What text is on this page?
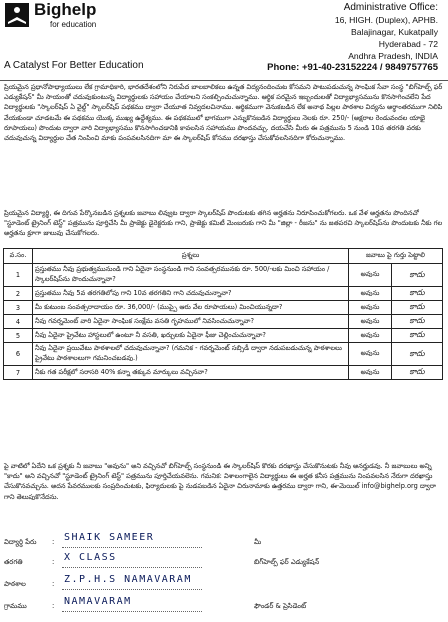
Bighelp
for education
A Catalyst For Better Education
Administrative Office:
16, HIGH. (Duplex), APHB.
Balajinagar, Kukatpally
Hyderabad - 72
Andhra Pradesh, INDIA
Phone: +91-40-23152224 / 9849757765
ప్రియమైన ప్రధానోపాధ్యాయులు లేక గ్రామాధికారి, భారతదేశంలోని నిరుపేద బాలబాలికలు ఉన్నత విద్యనందించుట కోసమని పాటుపడుచున్న సాంఘిక సేవా సంస్థ "బిగ్‌హెల్ప్ ఫర్ ఎడ్యుకేషన్" మీ సాయంతో చదువుకుంటున్న విద్యార్థులకు సహాయం చేయాలని సంకల్పించుచున్నాము. ఆర్థిక పరమైన ఇబ్బందులతో విద్యాభ్యాసమును కొనసాగించలేని పేద విద్యార్థులకు "స్కాలర్‌షిప్ ఏ వైల్డ్" స్కాలర్‌షిప్ పథకము ద్వారా చేయూత నివ్వదలచినాము. ఆర్థికముగా వెనుకబడిన లేక అనాథ పిల్లల పాఠశాల విద్యను అర్థాంతరముగా నిలిపి వేయకుండా చూడటమే ఈ పథకము యొక్క ముఖ్య ఉద్దేశ్యము. ఈ పథకములో భాగముగా ఎన్నుకొనబడిన విద్యార్థులు నెలకు రూ. 250/- (అక్షరాల రెండువందల యాభై రూపాయలు) పొందుట ద్వారా వారి విద్యాభ్యాసము కొనసాగించడానికి కావలసిన సహాయము పొందవచ్చు. దయచేసి మీరు ఈ పత్రమును 5 నుండి 10వ తరగతి వరకు చదువుచున్న విద్యార్థుల చేత నింపించి మాకు పంపవలసినదిగా మా ఈ స్కాలర్‌షిప్ కోసము దరఖాస్తు చేసుకోవలసినదిగా కోరుచున్నాము.
ప్రియమైన విద్యార్థి, ఈ దిగువ పేర్కొనబడిన ప్రశ్నలకు జవాబు లివ్వుట ద్వారా స్కాలర్‌షిప్ పొందుటకు తగిన అర్హతను నిరూపించుకోగలరు. ఒక వేళ అర్హతను పొందినచో "స్టూడెంట్ ట్రైనింగ్ టెస్ట్" పత్రమును పూర్తిచేసి మీ ప్రాజెక్టు డైరెక్టరుకు గాని, ప్రాజెక్టు కమిటీ మెంబరుకు గాని మీ "జిల్లా - రీజను" ను జతపరచి స్కాలర్‌షిప్‌ను పొందుటకు నీకు గల అర్హతను క్రూగా జులువు చేసుకోగలరు.
వ.సం.	ప్రశ్నలు	జవాబు పై గుర్తు పెట్టాలి	
1	ప్రస్తుతము నీవు ప్రభుత్వమునుండి గాని ఏదైనా సంస్థనుండి గాని సంవత్సరమునకు రూ. 500/-లకు మించి సహాయం / స్కాలర్‌షిప్‌ను పొందుచున్నావా?	అవును	కాదు
2	ప్రస్తుతము నీవు 5వ తరగతిలోపు గాని 10వ తరగతిని గాని చదువుచున్నావా?	అవును	కాదు
3	మీ కుటుంబ సంవత్సరాదాయం రూ. 36,000/- (ముప్పై ఆరు వేల రూపాయలు) మించియున్నదా?	అవును	కాదు
4	నీవు గవర్నమెంట్ వారి ఏదైనా సాంఘిక సంక్షేమ వసతి గృహములో నివసించుచున్నావా?	అవును	కాదు
5	నీవు ఏదైనా ప్రైవేటు హాస్టలులో ఉంటూ నీ వసతి, ఖర్చులకు ఏదైనా ఫీజు చెల్లించుచున్నావా?	అవును	కాదు
6	నీవు ఏదైనా ప్రయివేటు పాఠశాలలో చదువుచున్నావా? (గమనిక - గవర్నమెంట్ సబ్సిడీ ద్వారా నడుపబడుచున్న పాఠశాలలు ప్రైవేటు పాఠశాలలుగా గమనించబడవు.)	అవును	కాదు
7	నీకు గత పరీక్షలో సరాసరి 40% కన్నా తక్కువ మార్కులు వచ్చినవా?	అవును	కాదు
పై వాటిలో ఏదేని ఒక ప్రశ్నకు నీ జవాబు "అవును" అని వచ్చినచో బిగ్‌హెల్ప్ సంస్థనుండి ఈ స్కాలర్‌షిప్ కొరకు దరఖాస్తు చేసుకొనుటకు నీవు అనర్హుడవు. నీ జవాబులు అన్ని "కాదు" అని వచ్చినచో "స్టూడెంట్ ట్రైనింగ్ టెస్ట్" పత్రమును పూర్తిచేయవలెను. గమనిక: విశాలంగాలైన విద్యార్థులు ఈ అర్హత కనీస పత్రమును నింపవలసిన నేరుగా దరఖాస్తు చేసుకొనవచ్చును. అదన పేవరములకు సంప్రదించుటకు, ఫిర్యాదులకు పై నుడపబడిన ఏదైనా చిరునామాకు ఉత్తరము ద్వారా గాని, ఈ-మెయిల్ info@bighelp.org ద్వారా గాని తెలుపుకొనేదను.
విద్యార్థి పేరు : SHAIK SAMEER	మీ
తరగతి	: X CLASS	బిగ్‌హెల్ప్ ఫర్ ఎడ్యుకేషన్
పాఠశాల	: Z.P.H.S NAMAVARAM
గ్రామము	: NAMAVARAM	ఫౌండర్ & ప్రెసిడెంట్
